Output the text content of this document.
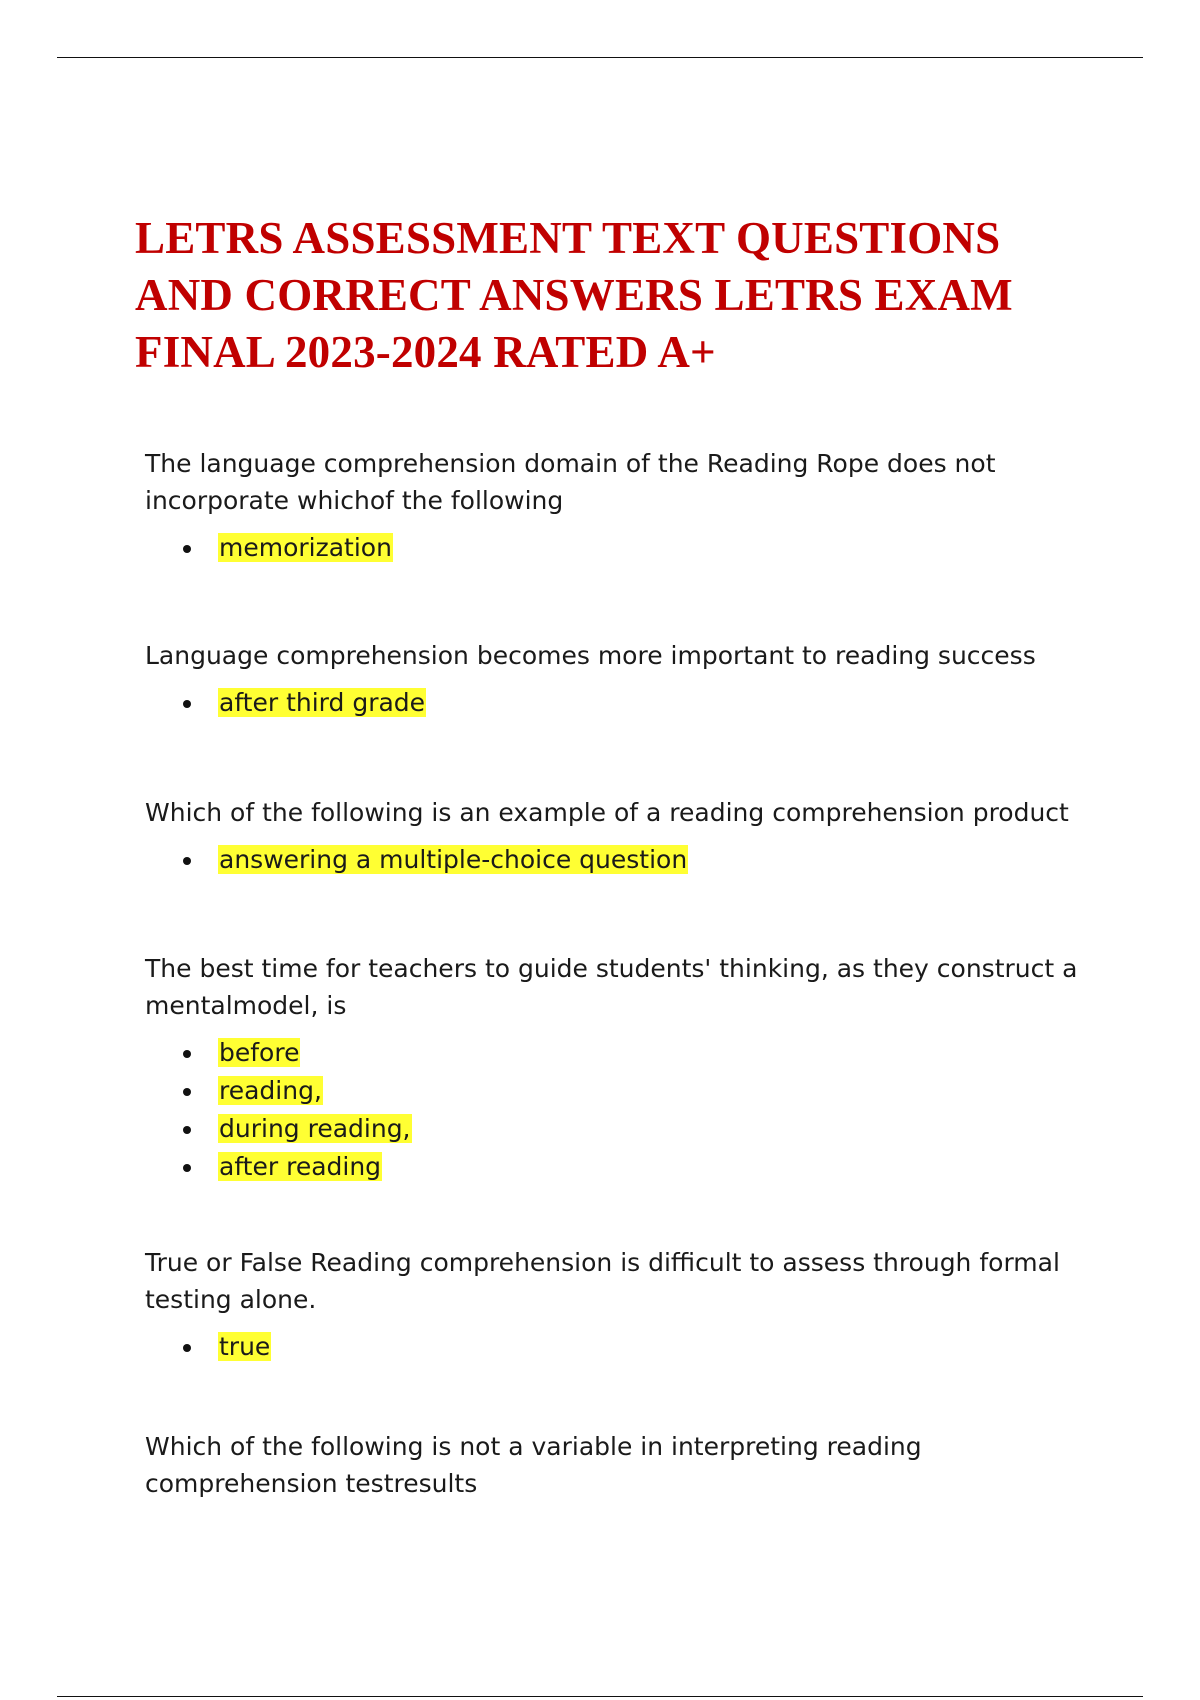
LETRS ASSESSMENT TEXT QUESTIONS AND CORRECT ANSWERS LETRS EXAM FINAL 2023-2024 RATED A+

The language comprehension domain of the Reading Rope does not incorporate whichof the following

memorization

Language comprehension becomes more important to reading success

after third grade

Which of the following is an example of a reading comprehension product

answering a multiple-choice question

The best time for teachers to guide students' thinking, as they construct a mentalmodel, is

before
reading,
during reading,
after reading

True or False Reading comprehension is difficult to assess through formal testing alone.

true

Which of the following is not a variable in interpreting reading comprehension testresults
